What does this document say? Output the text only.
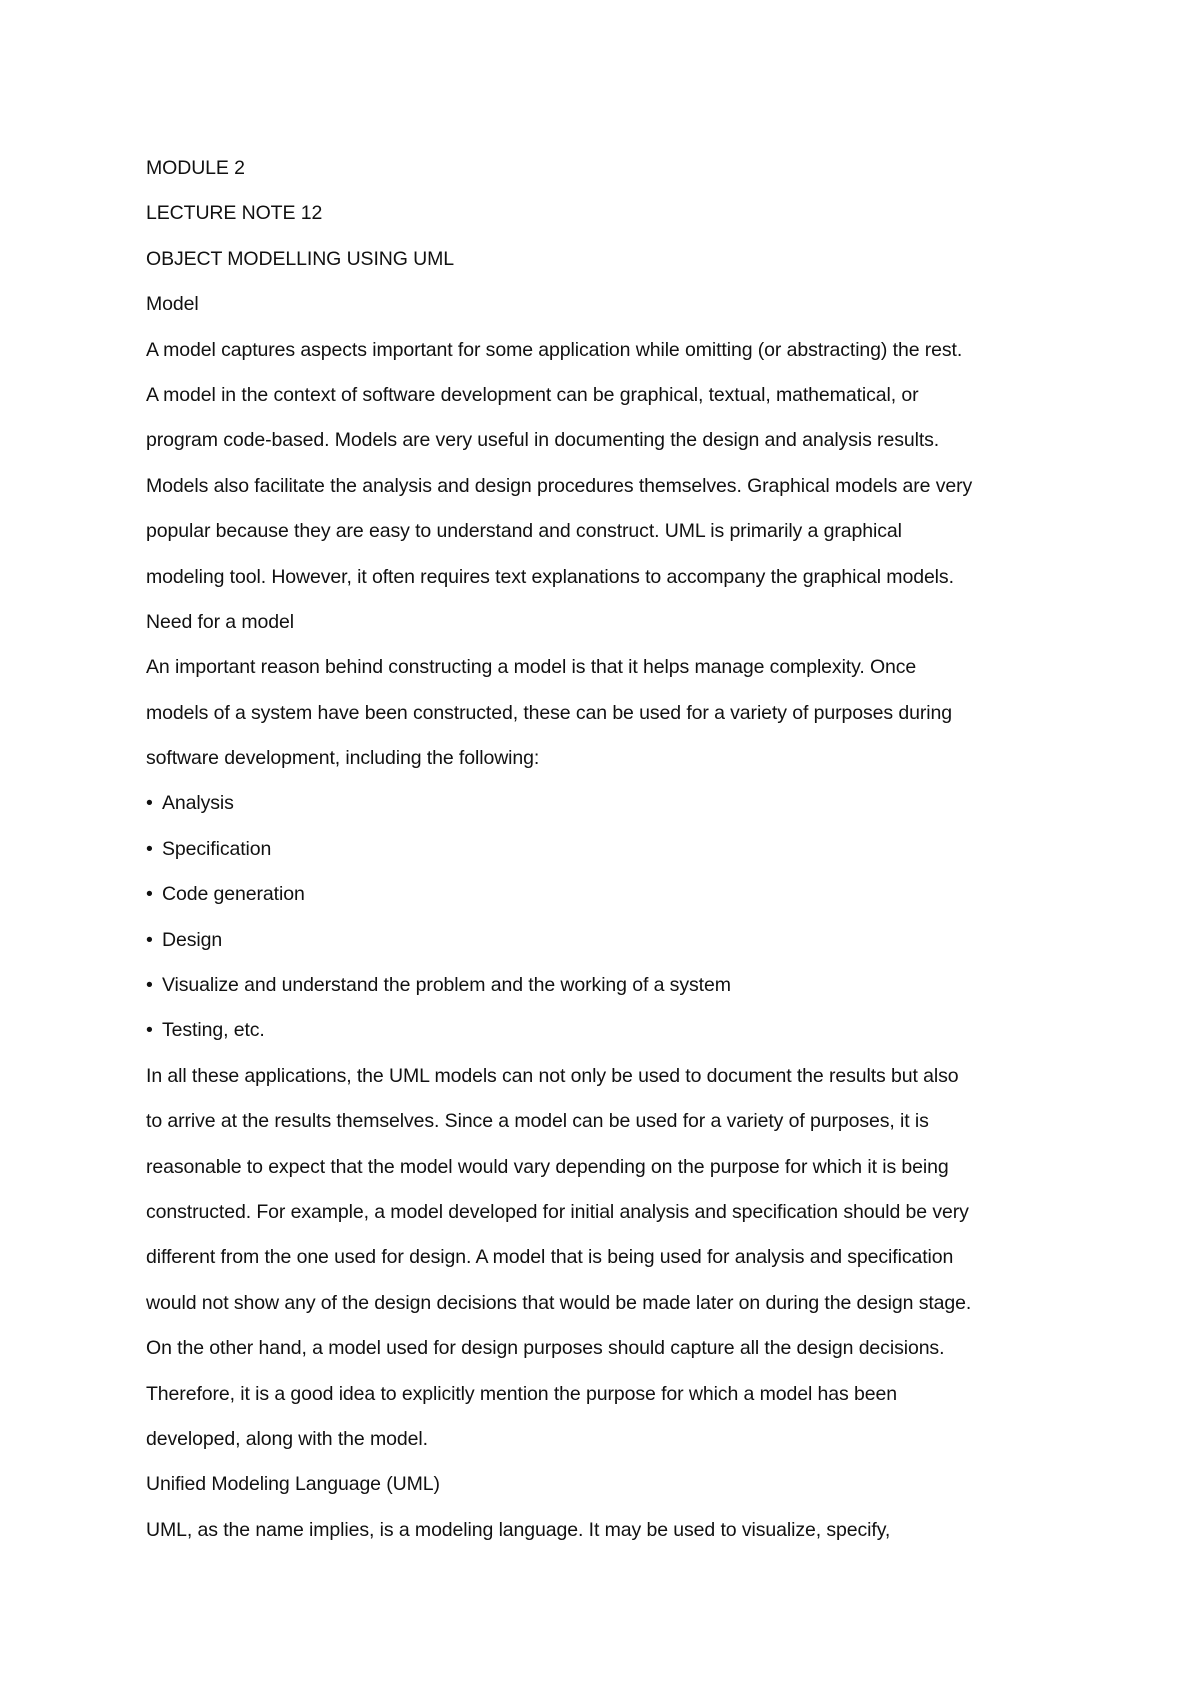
MODULE 2
LECTURE NOTE 12
OBJECT MODELLING USING UML
Model
A model captures aspects important for some application while omitting (or abstracting) the rest.
A model in the context of software development can be graphical, textual, mathematical, or
program code-based. Models are very useful in documenting the design and analysis results.
Models also facilitate the analysis and design procedures themselves. Graphical models are very
popular because they are easy to understand and construct. UML is primarily a graphical
modeling tool. However, it often requires text explanations to accompany the graphical models.
Need for a model
An important reason behind constructing a model is that it helps manage complexity. Once
models of a system have been constructed, these can be used for a variety of purposes during
software development, including the following:
• Analysis
• Specification
• Code generation
• Design
• Visualize and understand the problem and the working of a system
• Testing, etc.
In all these applications, the UML models can not only be used to document the results but also
to arrive at the results themselves. Since a model can be used for a variety of purposes, it is
reasonable to expect that the model would vary depending on the purpose for which it is being
constructed. For example, a model developed for initial analysis and specification should be very
different from the one used for design. A model that is being used for analysis and specification
would not show any of the design decisions that would be made later on during the design stage.
On the other hand, a model used for design purposes should capture all the design decisions.
Therefore, it is a good idea to explicitly mention the purpose for which a model has been
developed, along with the model.
Unified Modeling Language (UML)
UML, as the name implies, is a modeling language. It may be used to visualize, specify,
